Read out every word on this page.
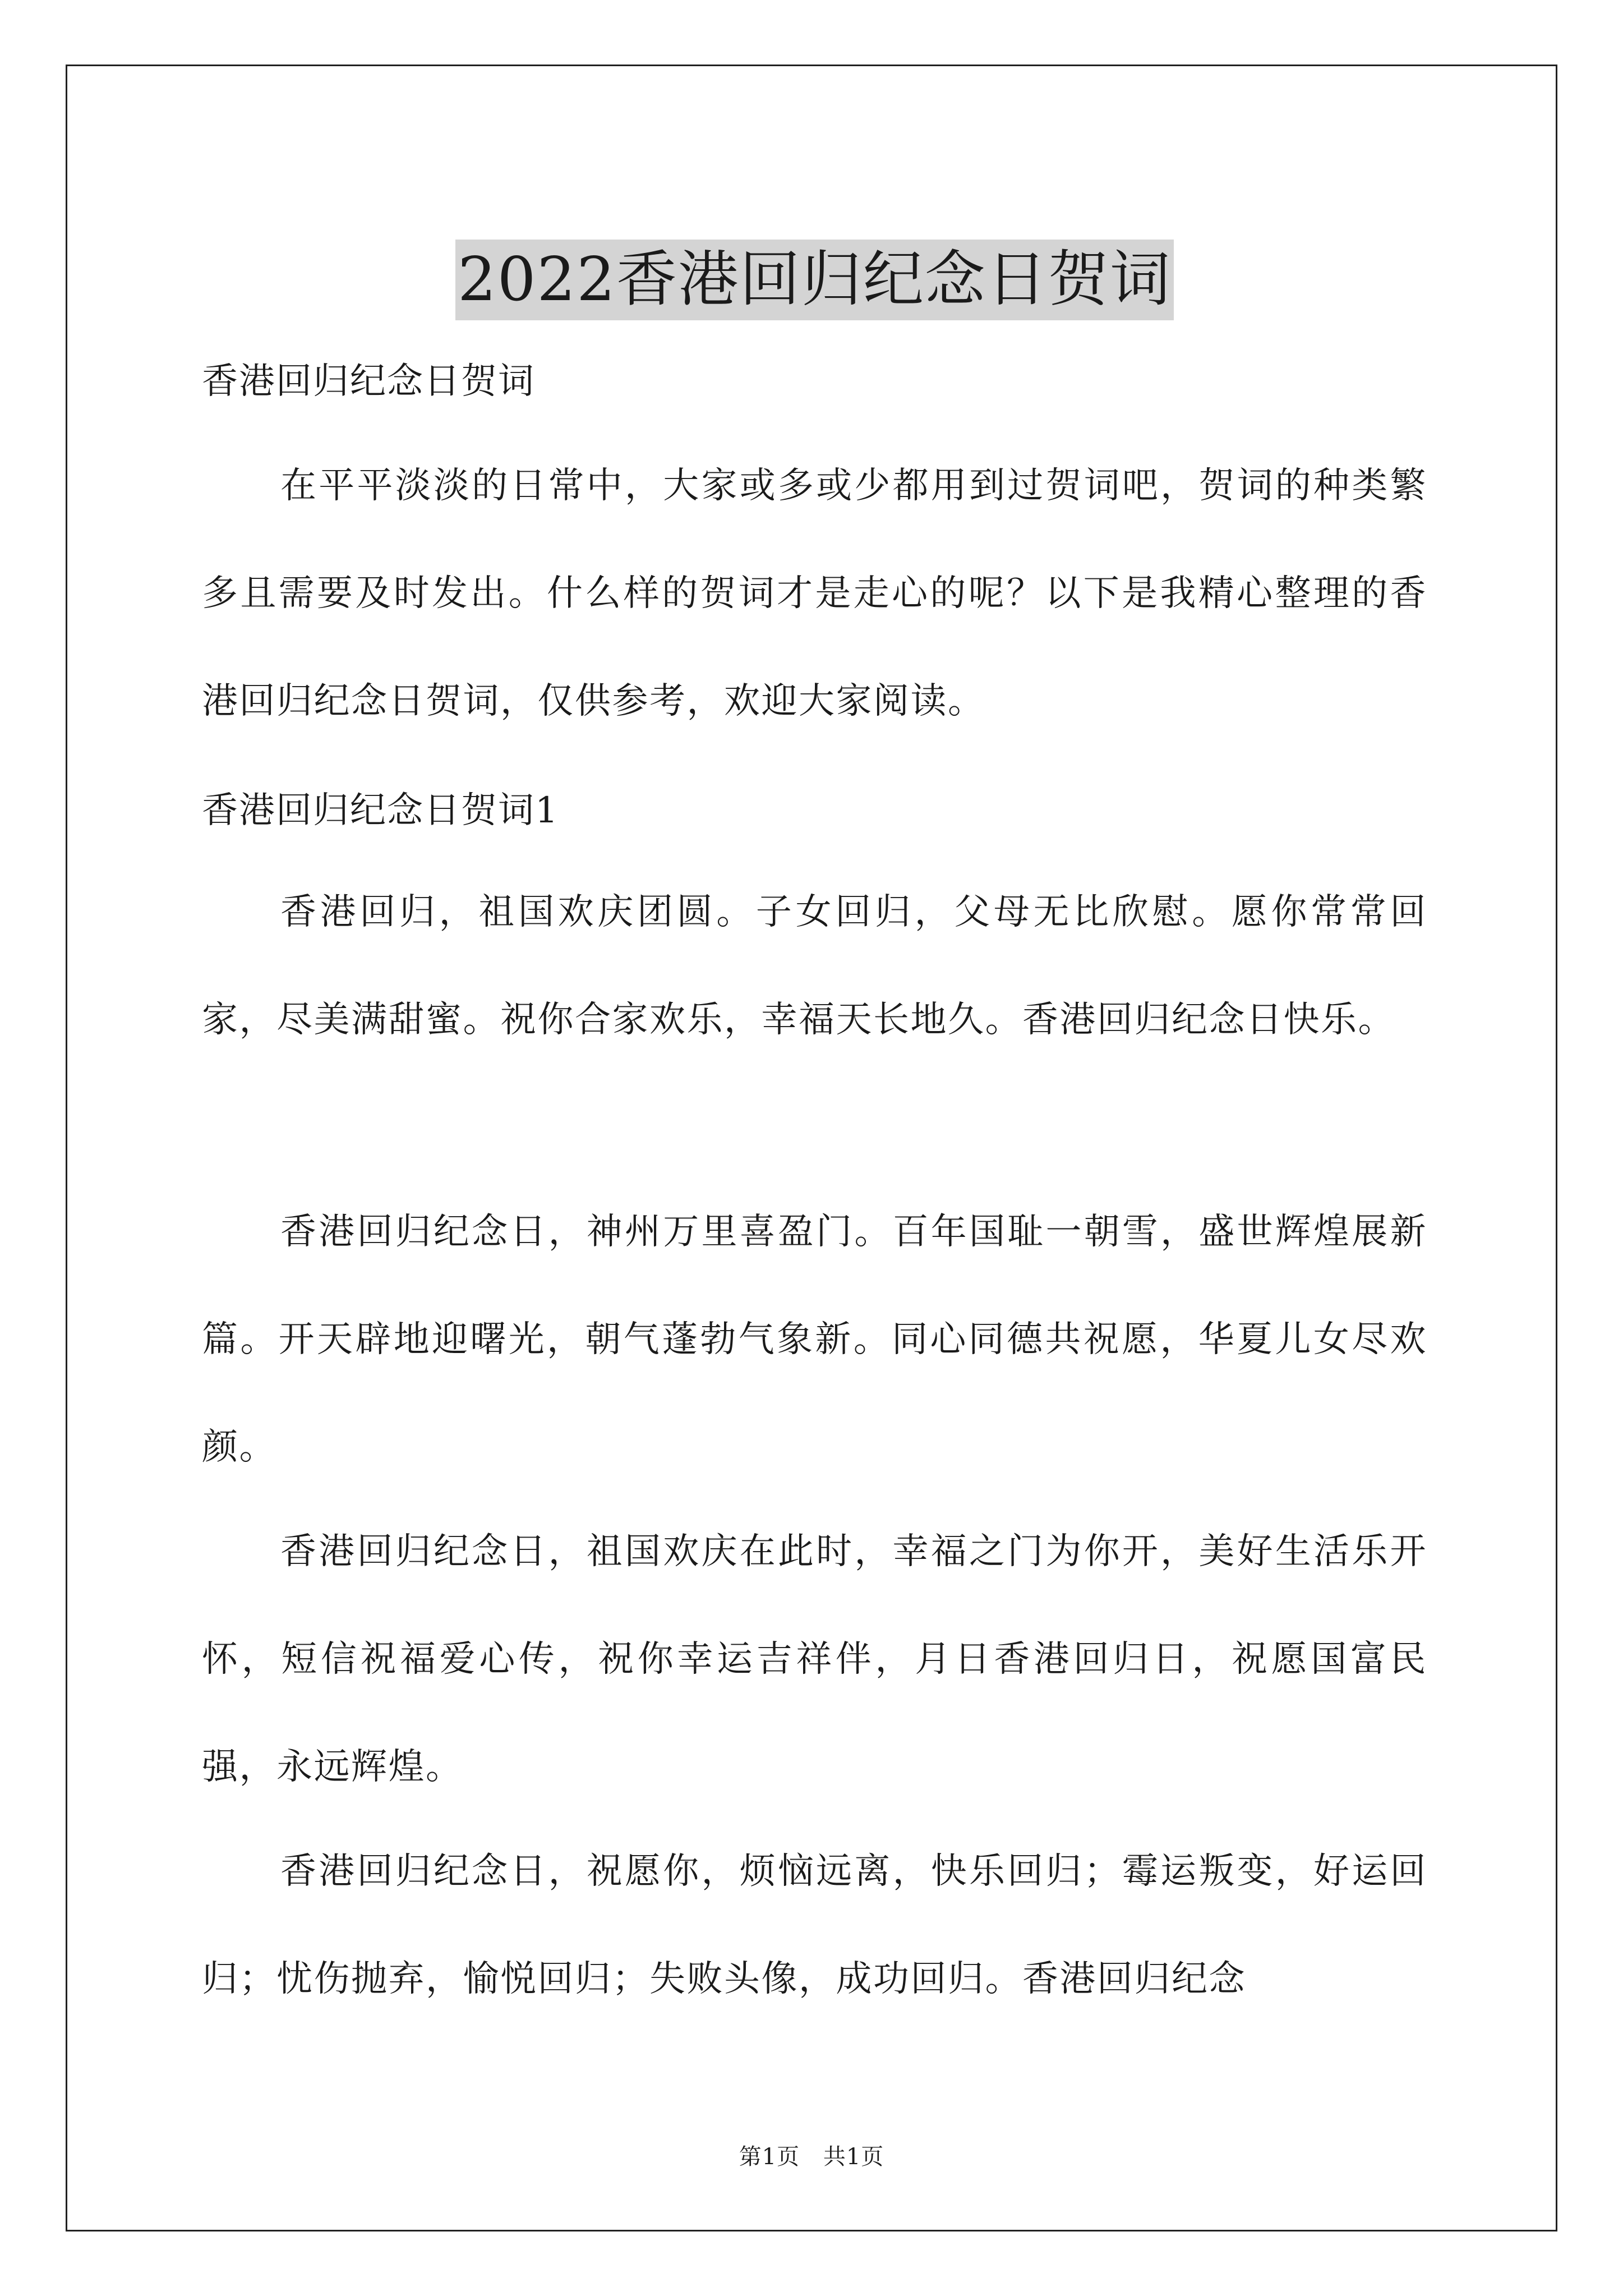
2022香港回归纪念日贺词

香港回归纪念日贺词

在平平淡淡的日常中，大家或多或少都用到过贺词吧，贺词的种类繁多且需要及时发出。什么样的贺词才是走心的呢？以下是我精心整理的香港回归纪念日贺词，仅供参考，欢迎大家阅读。

香港回归纪念日贺词1

香港回归，祖国欢庆团圆。子女回归，父母无比欣慰。愿你常常回家，尽美满甜蜜。祝你合家欢乐，幸福天长地久。香港回归纪念日快乐。

香港回归纪念日，神州万里喜盈门。百年国耻一朝雪，盛世辉煌展新篇。开天辟地迎曙光，朝气蓬勃气象新。同心同德共祝愿，华夏儿女尽欢颜。

香港回归纪念日，祖国欢庆在此时，幸福之门为你开，美好生活乐开怀，短信祝福爱心传，祝你幸运吉祥伴，月日香港回归日，祝愿国富民强，永远辉煌。

香港回归纪念日，祝愿你，烦恼远离，快乐回归；霉运叛变，好运回归；忧伤抛弃，愉悦回归；失败头像，成功回归。香港回归纪念

第1页 共1页
